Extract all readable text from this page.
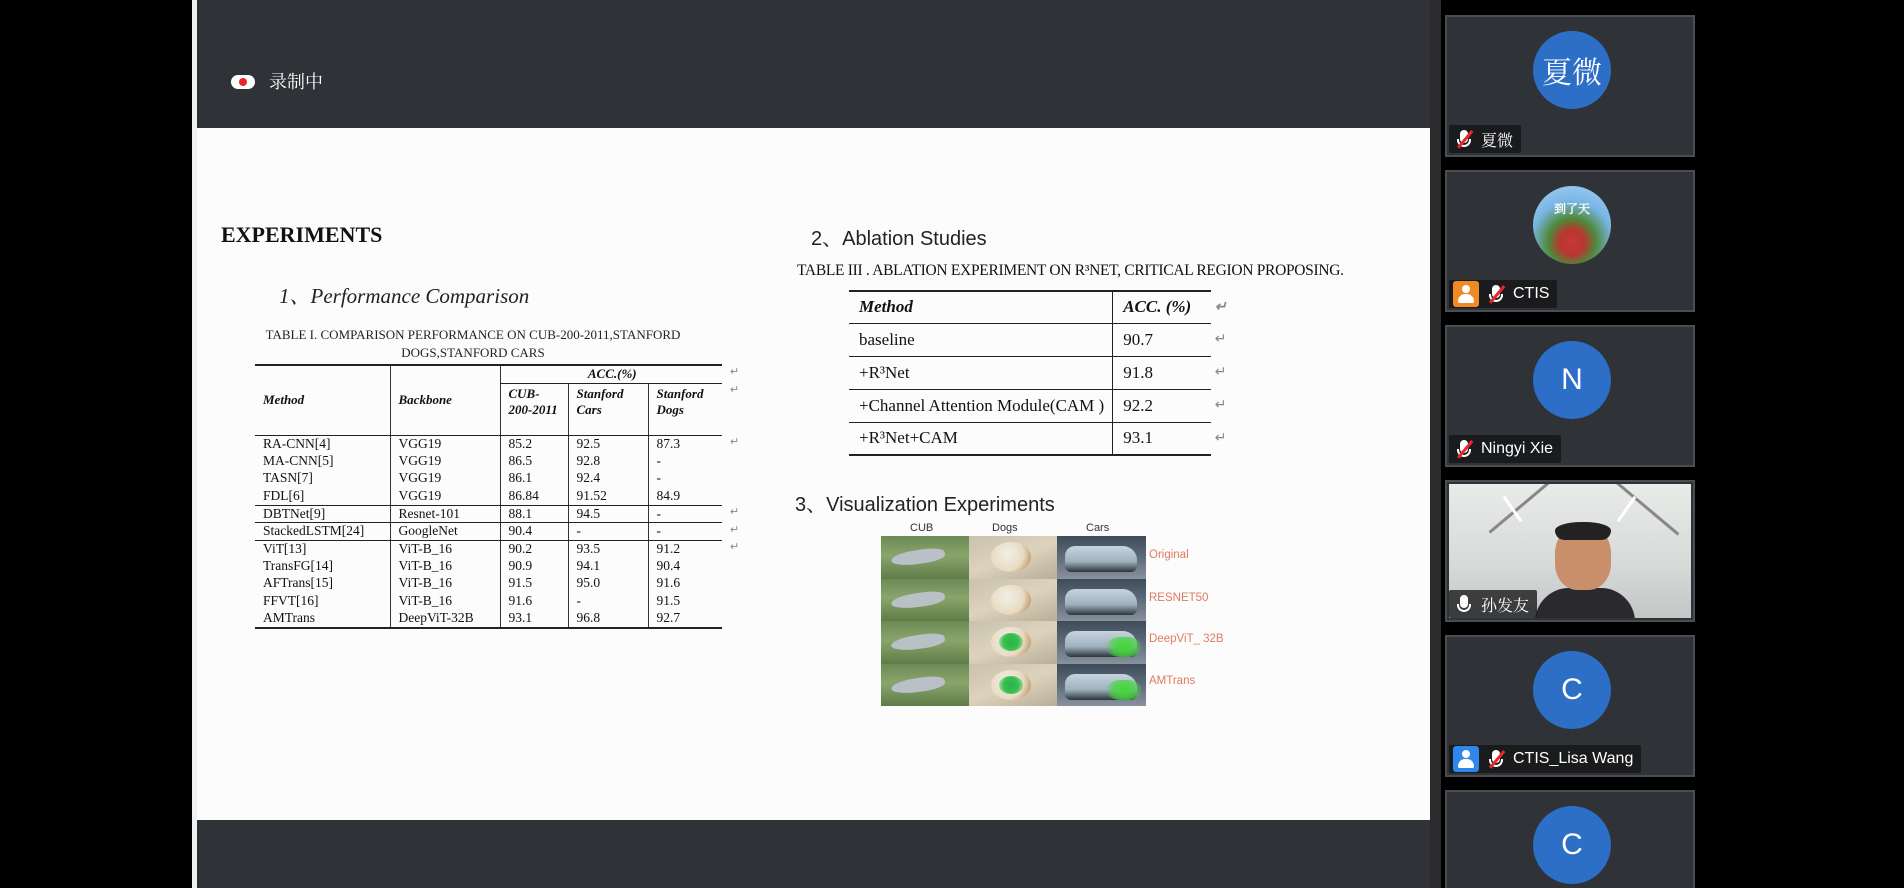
录制中
EXPERIMENTS
1、Performance Comparison
TABLE I. COMPARISON PERFORMANCE ON CUB-200-2011,STANFORD
DOGS,STANFORD CARS
Method	Backbone	ACC.(%)			↵
		CUB-200-2011	Stanford Cars	Stanford Dogs	↵
RA-CNN[4]	VGG19	85.2	92.5	87.3	↵
MA-CNN[5]	VGG19	86.5	92.8	-	
TASN[7]	VGG19	86.1	92.4	-	
FDL[6]	VGG19	86.84	91.52	84.9	
DBTNet[9]	Resnet-101	88.1	94.5	-	↵
StackedLSTM[24]	GoogleNet	90.4	-	-	↵
ViT[13]	ViT-B_16	90.2	93.5	91.2	↵
TransFG[14]	ViT-B_16	90.9	94.1	90.4	
AFTrans[15]	ViT-B_16	91.5	95.0	91.6	
FFVT[16]	ViT-B_16	91.6	-	91.5	
AMTrans	DeepViT-32B	93.1	96.8	92.7	
2、Ablation Studies
TABLE III . ABLATION EXPERIMENT ON R³NET, CRITICAL REGION PROPOSING.
Method	ACC. (%)	↵
baseline	90.7	↵
+R³Net	91.8	↵
+Channel Attention Module(CAM )	92.2	↵
+R³Net+CAM	93.1	↵
3、Visualization Experiments
CUB	Dogs	Cars
Original
RESNET50
DeepViT_ 32B
AMTrans
夏微
夏微
到了天
CTIS
N
Ningyi Xie
孙发友
C
CTIS_Lisa Wang
C
